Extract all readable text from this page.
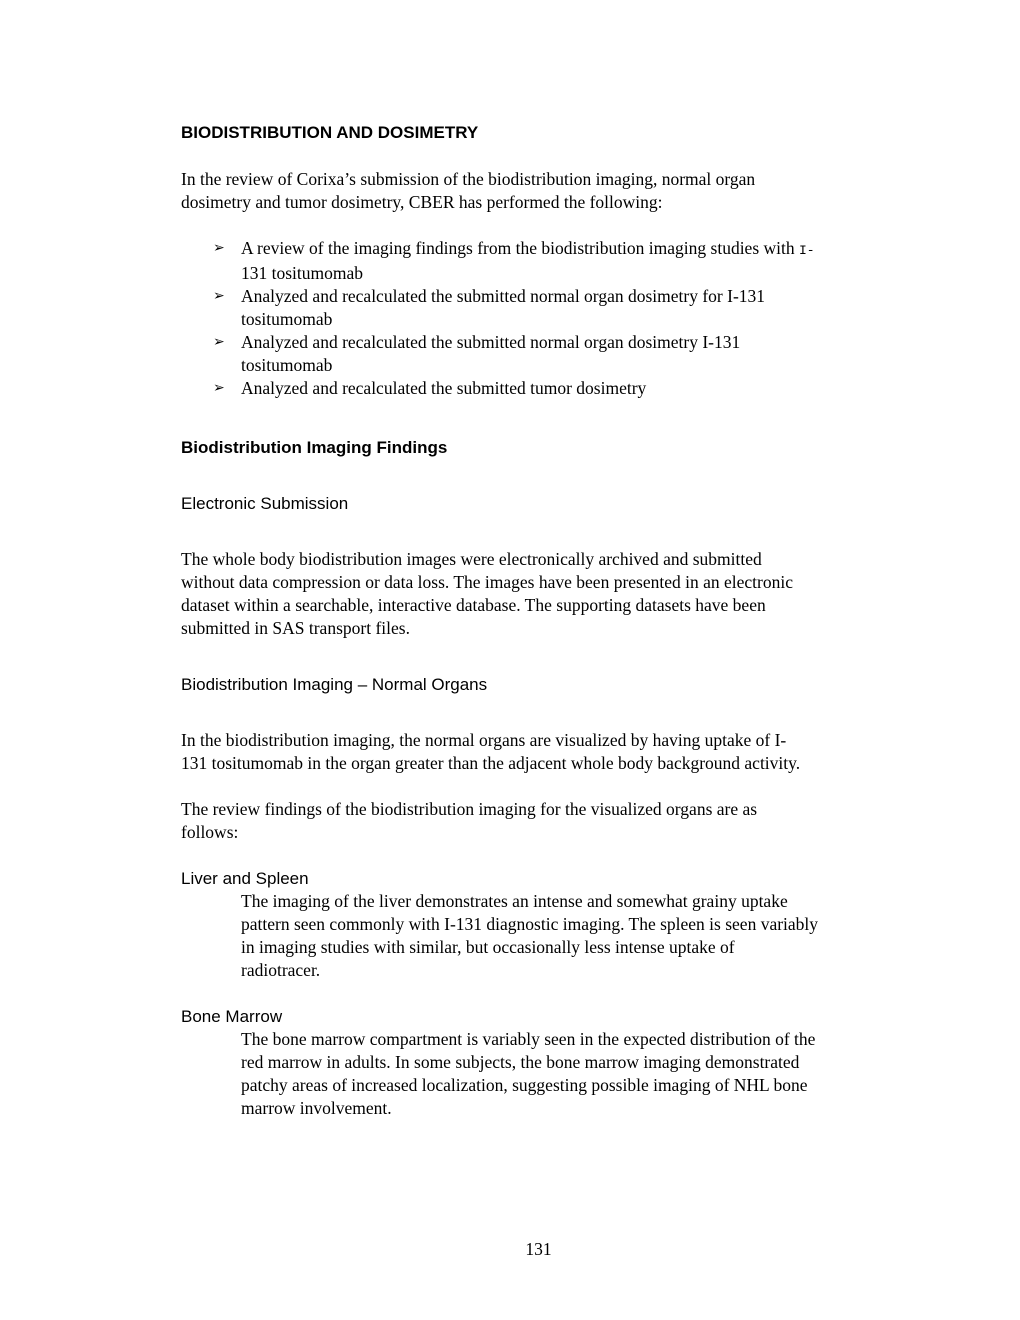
BIODISTRIBUTION AND DOSIMETRY
In the review of Corixa’s submission of the biodistribution imaging, normal organ
dosimetry and tumor dosimetry, CBER has performed the following:
➢ A review of the imaging findings from the biodistribution imaging studies with I-
131 tositumomab
➢ Analyzed and recalculated the submitted normal organ dosimetry for I-131
tositumomab
➢ Analyzed and recalculated the submitted normal organ dosimetry I-131
tositumomab
➢ Analyzed and recalculated the submitted tumor dosimetry
Biodistribution Imaging Findings
Electronic Submission
The whole body biodistribution images were electronically archived and submitted
without data compression or data loss. The images have been presented in an electronic
dataset within a searchable, interactive database. The supporting datasets have been
submitted in SAS transport files.
Biodistribution Imaging – Normal Organs
In the biodistribution imaging, the normal organs are visualized by having uptake of I-
131 tositumomab in the organ greater than the adjacent whole body background activity.
The review findings of the biodistribution imaging for the visualized organs are as
follows:
Liver and Spleen
The imaging of the liver demonstrates an intense and somewhat grainy uptake
pattern seen commonly with I-131 diagnostic imaging. The spleen is seen variably
in imaging studies with similar, but occasionally less intense uptake of
radiotracer.
Bone Marrow
The bone marrow compartment is variably seen in the expected distribution of the
red marrow in adults. In some subjects, the bone marrow imaging demonstrated
patchy areas of increased localization, suggesting possible imaging of NHL bone
marrow involvement.
131
